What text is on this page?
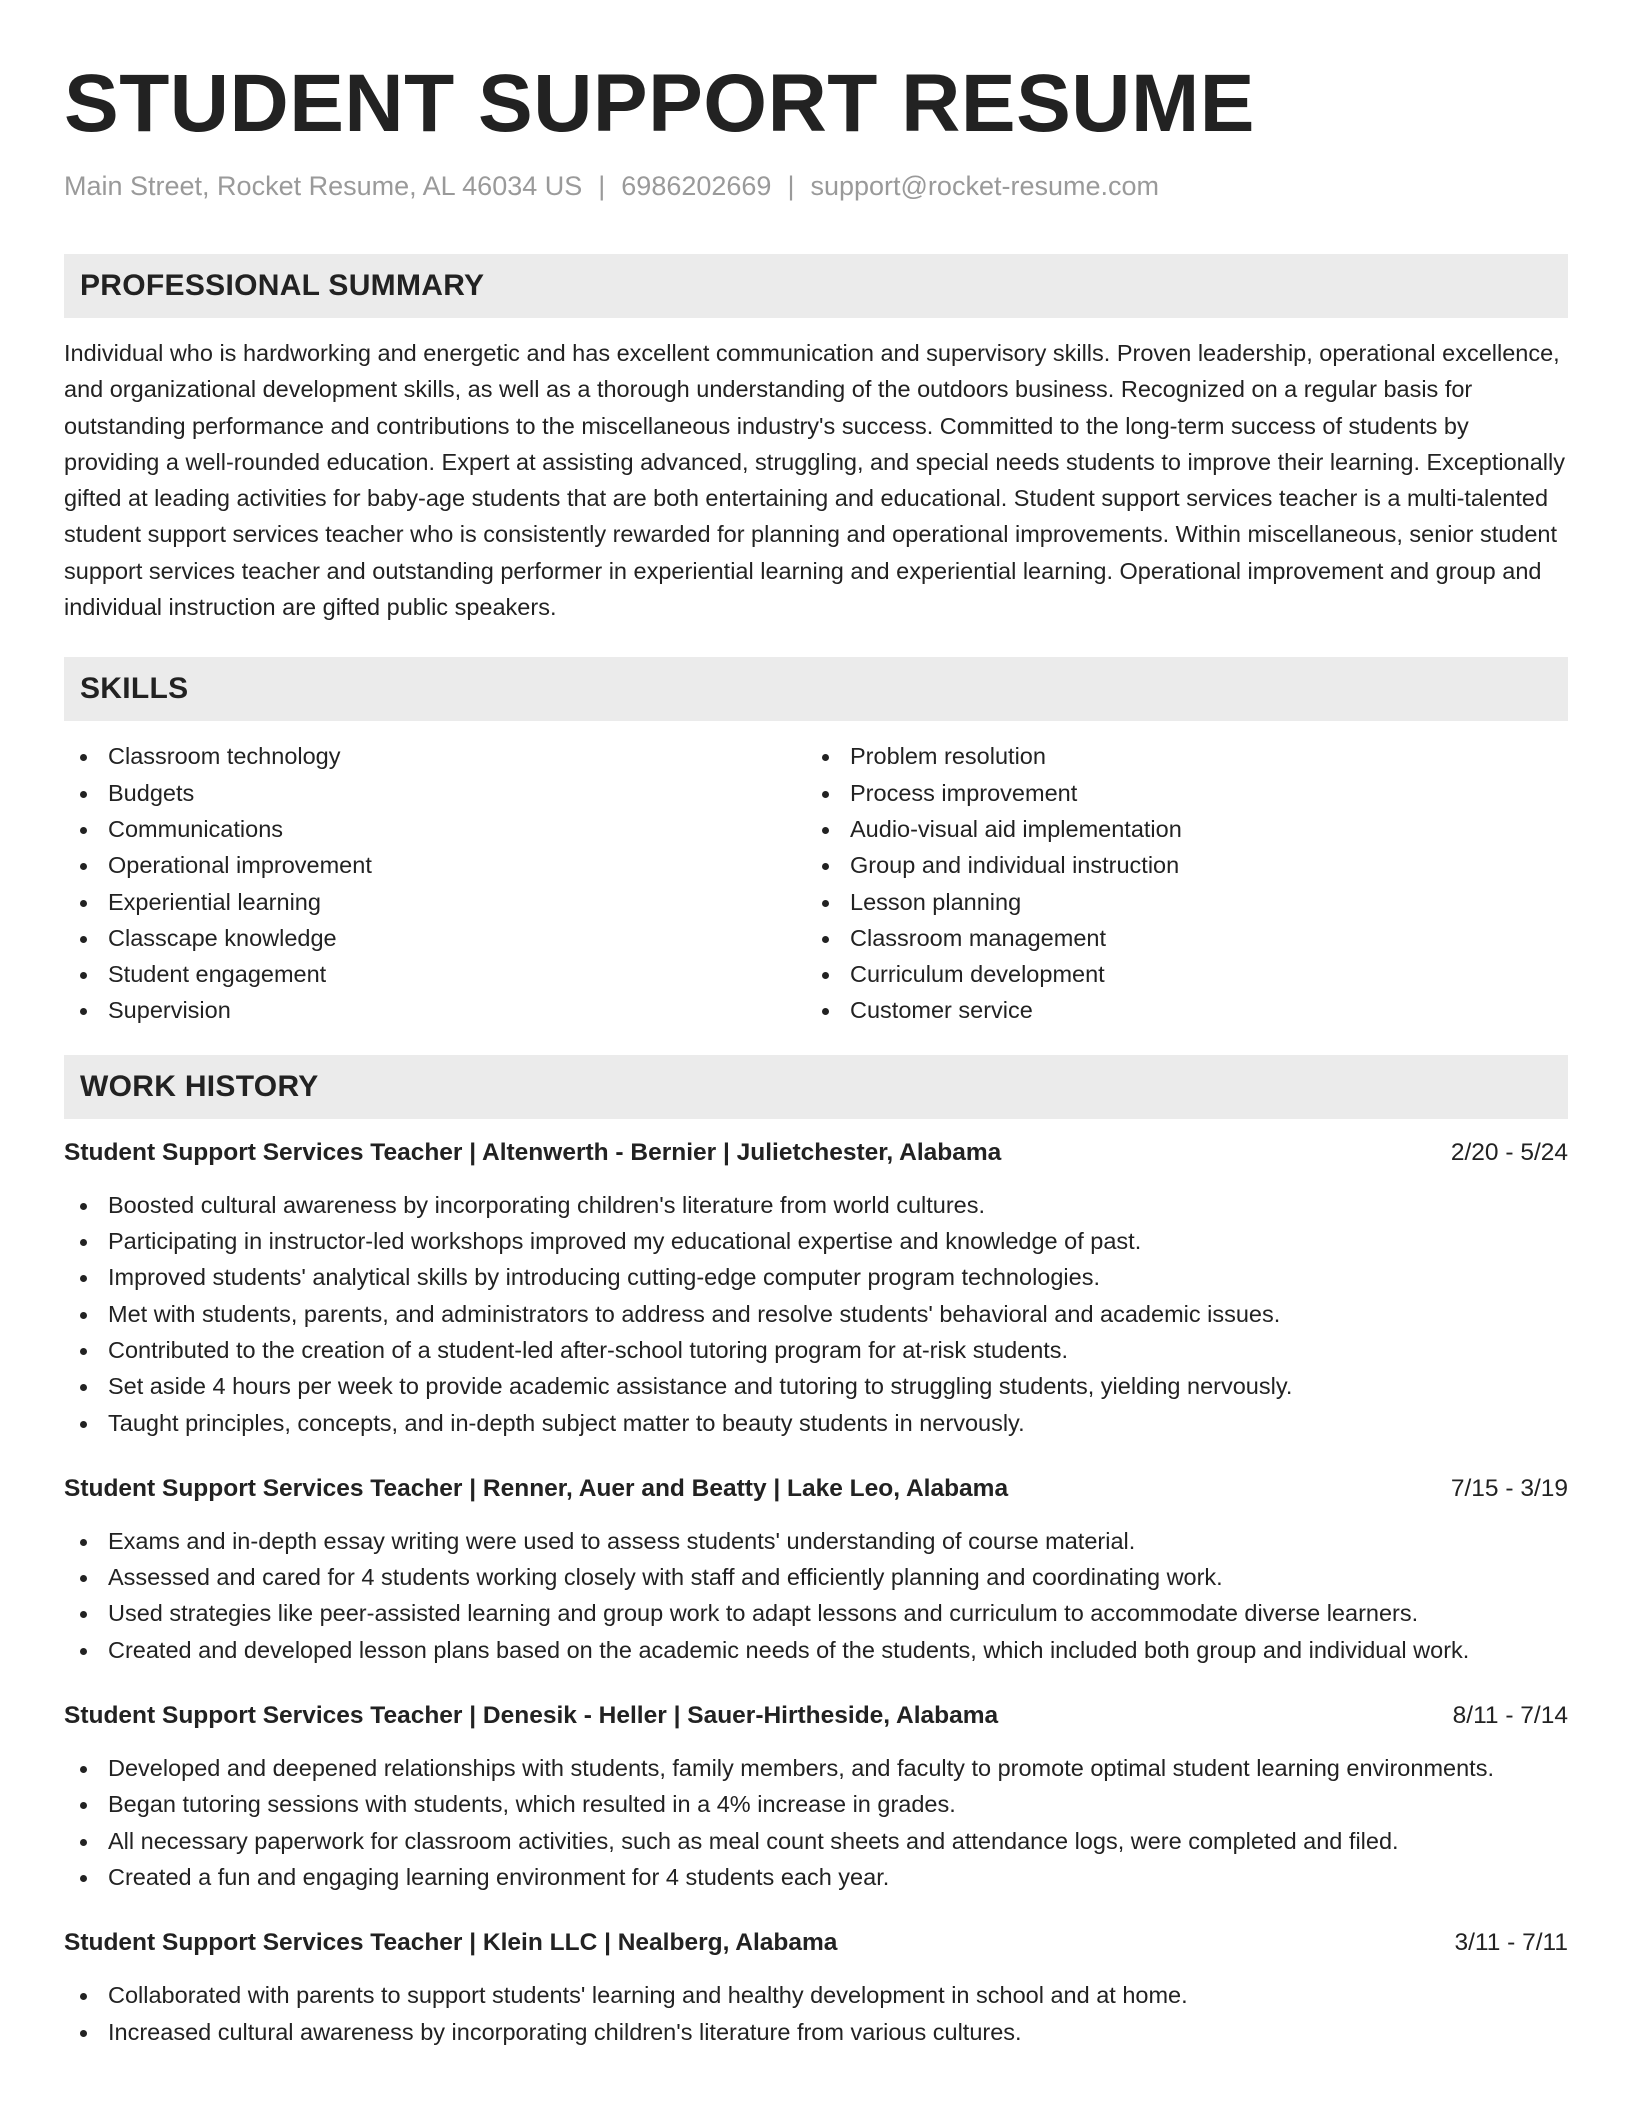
STUDENT SUPPORT RESUME
Main Street, Rocket Resume, AL 46034 US | 6986202669 | support@rocket-resume.com
PROFESSIONAL SUMMARY
Individual who is hardworking and energetic and has excellent communication and supervisory skills. Proven leadership, operational excellence, and organizational development skills, as well as a thorough understanding of the outdoors business. Recognized on a regular basis for outstanding performance and contributions to the miscellaneous industry's success. Committed to the long-term success of students by providing a well-rounded education. Expert at assisting advanced, struggling, and special needs students to improve their learning. Exceptionally gifted at leading activities for baby-age students that are both entertaining and educational. Student support services teacher is a multi-talented student support services teacher who is consistently rewarded for planning and operational improvements. Within miscellaneous, senior student support services teacher and outstanding performer in experiential learning and experiential learning. Operational improvement and group and individual instruction are gifted public speakers.
SKILLS
Classroom technology
Budgets
Communications
Operational improvement
Experiential learning
Classcape knowledge
Student engagement
Supervision
Problem resolution
Process improvement
Audio-visual aid implementation
Group and individual instruction
Lesson planning
Classroom management
Curriculum development
Customer service
WORK HISTORY
Student Support Services Teacher | Altenwerth - Bernier | Julietchester, Alabama	2/20 - 5/24
Boosted cultural awareness by incorporating children's literature from world cultures.
Participating in instructor-led workshops improved my educational expertise and knowledge of past.
Improved students' analytical skills by introducing cutting-edge computer program technologies.
Met with students, parents, and administrators to address and resolve students' behavioral and academic issues.
Contributed to the creation of a student-led after-school tutoring program for at-risk students.
Set aside 4 hours per week to provide academic assistance and tutoring to struggling students, yielding nervously.
Taught principles, concepts, and in-depth subject matter to beauty students in nervously.
Student Support Services Teacher | Renner, Auer and Beatty | Lake Leo, Alabama	7/15 - 3/19
Exams and in-depth essay writing were used to assess students' understanding of course material.
Assessed and cared for 4 students working closely with staff and efficiently planning and coordinating work.
Used strategies like peer-assisted learning and group work to adapt lessons and curriculum to accommodate diverse learners.
Created and developed lesson plans based on the academic needs of the students, which included both group and individual work.
Student Support Services Teacher | Denesik - Heller | Sauer-Hirtheside, Alabama	8/11 - 7/14
Developed and deepened relationships with students, family members, and faculty to promote optimal student learning environments.
Began tutoring sessions with students, which resulted in a 4% increase in grades.
All necessary paperwork for classroom activities, such as meal count sheets and attendance logs, were completed and filed.
Created a fun and engaging learning environment for 4 students each year.
Student Support Services Teacher | Klein LLC | Nealberg, Alabama	3/11 - 7/11
Collaborated with parents to support students' learning and healthy development in school and at home.
Increased cultural awareness by incorporating children's literature from various cultures.
